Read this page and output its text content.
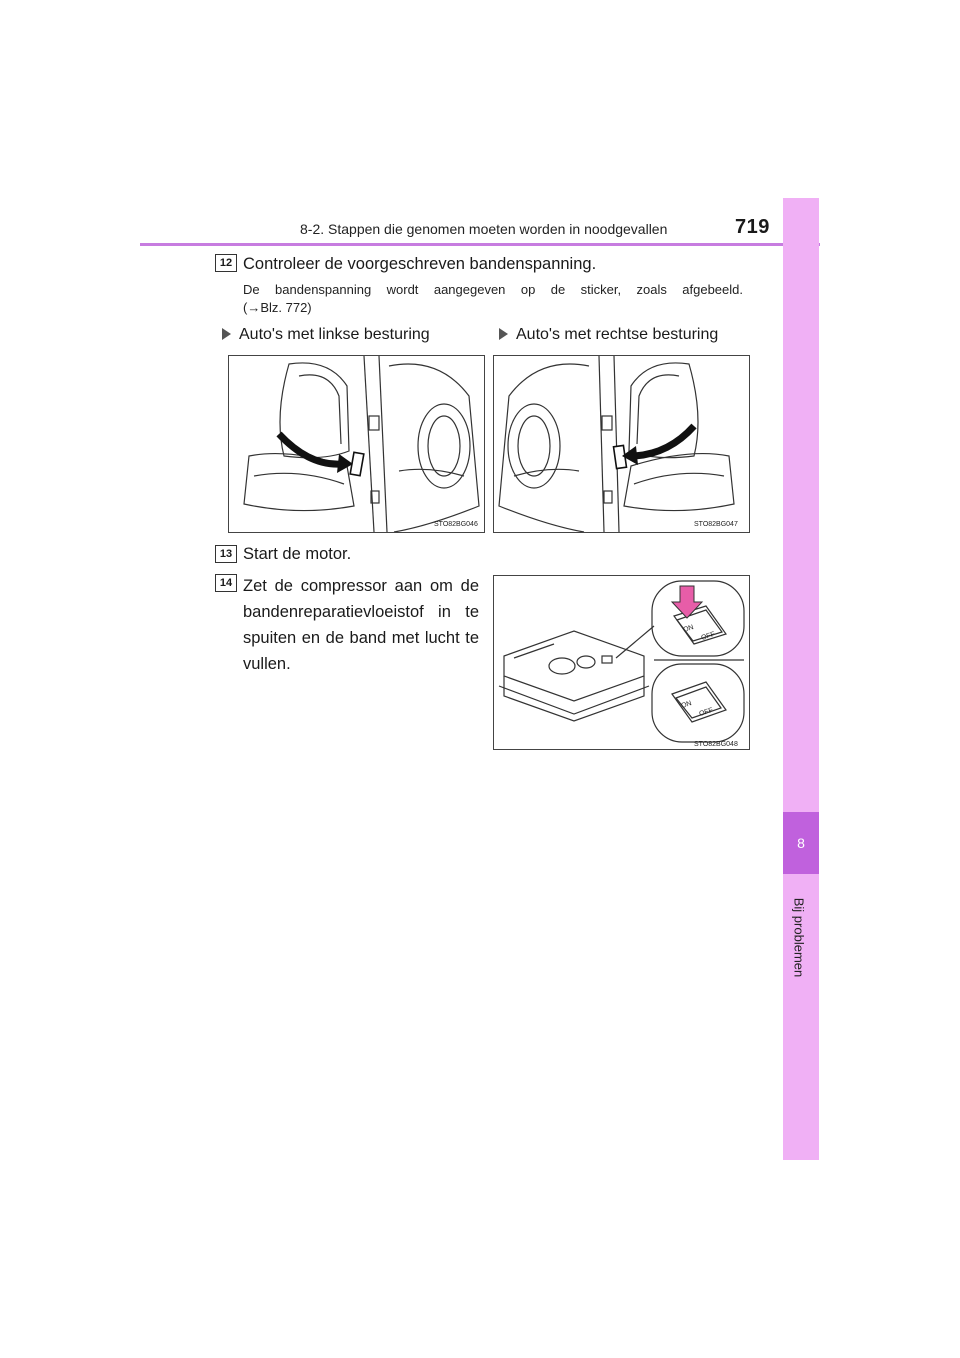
8-2. Stappen die genomen moeten worden in noodgevallen	719
8
Bij problemen
12 Controleer de voorgeschreven bandenspanning.
De bandenspanning wordt aangegeven op de sticker, zoals afgebeeld.
(→Blz. 772)
Auto's met linkse besturing	Auto's met rechtse besturing
STO82BG046	STO82BG047
13 Start de motor.
14 Zet de compressor aan om de bandenreparatievloeistof in te spuiten en de band met lucht te vullen.
ON
OFF
ON
OFF
STO82BG048
